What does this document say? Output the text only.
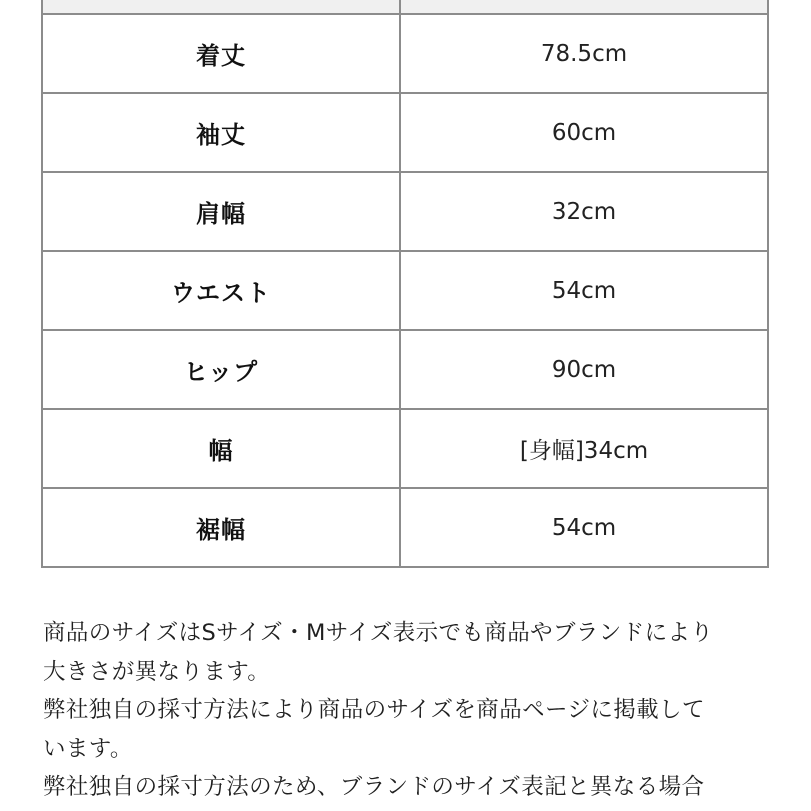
着丈	78.5cm
袖丈	60cm
肩幅	32cm
ウエスト	54cm
ヒップ	90cm
幅	[身幅]34cm
裾幅	54cm

商品のサイズはSサイズ・Mサイズ表示でも商品やブランドにより

大きさが異なります。

弊社独自の採寸方法により商品のサイズを商品ページに掲載して

います。

弊社独自の採寸方法のため、ブランドのサイズ表記と異なる場合
